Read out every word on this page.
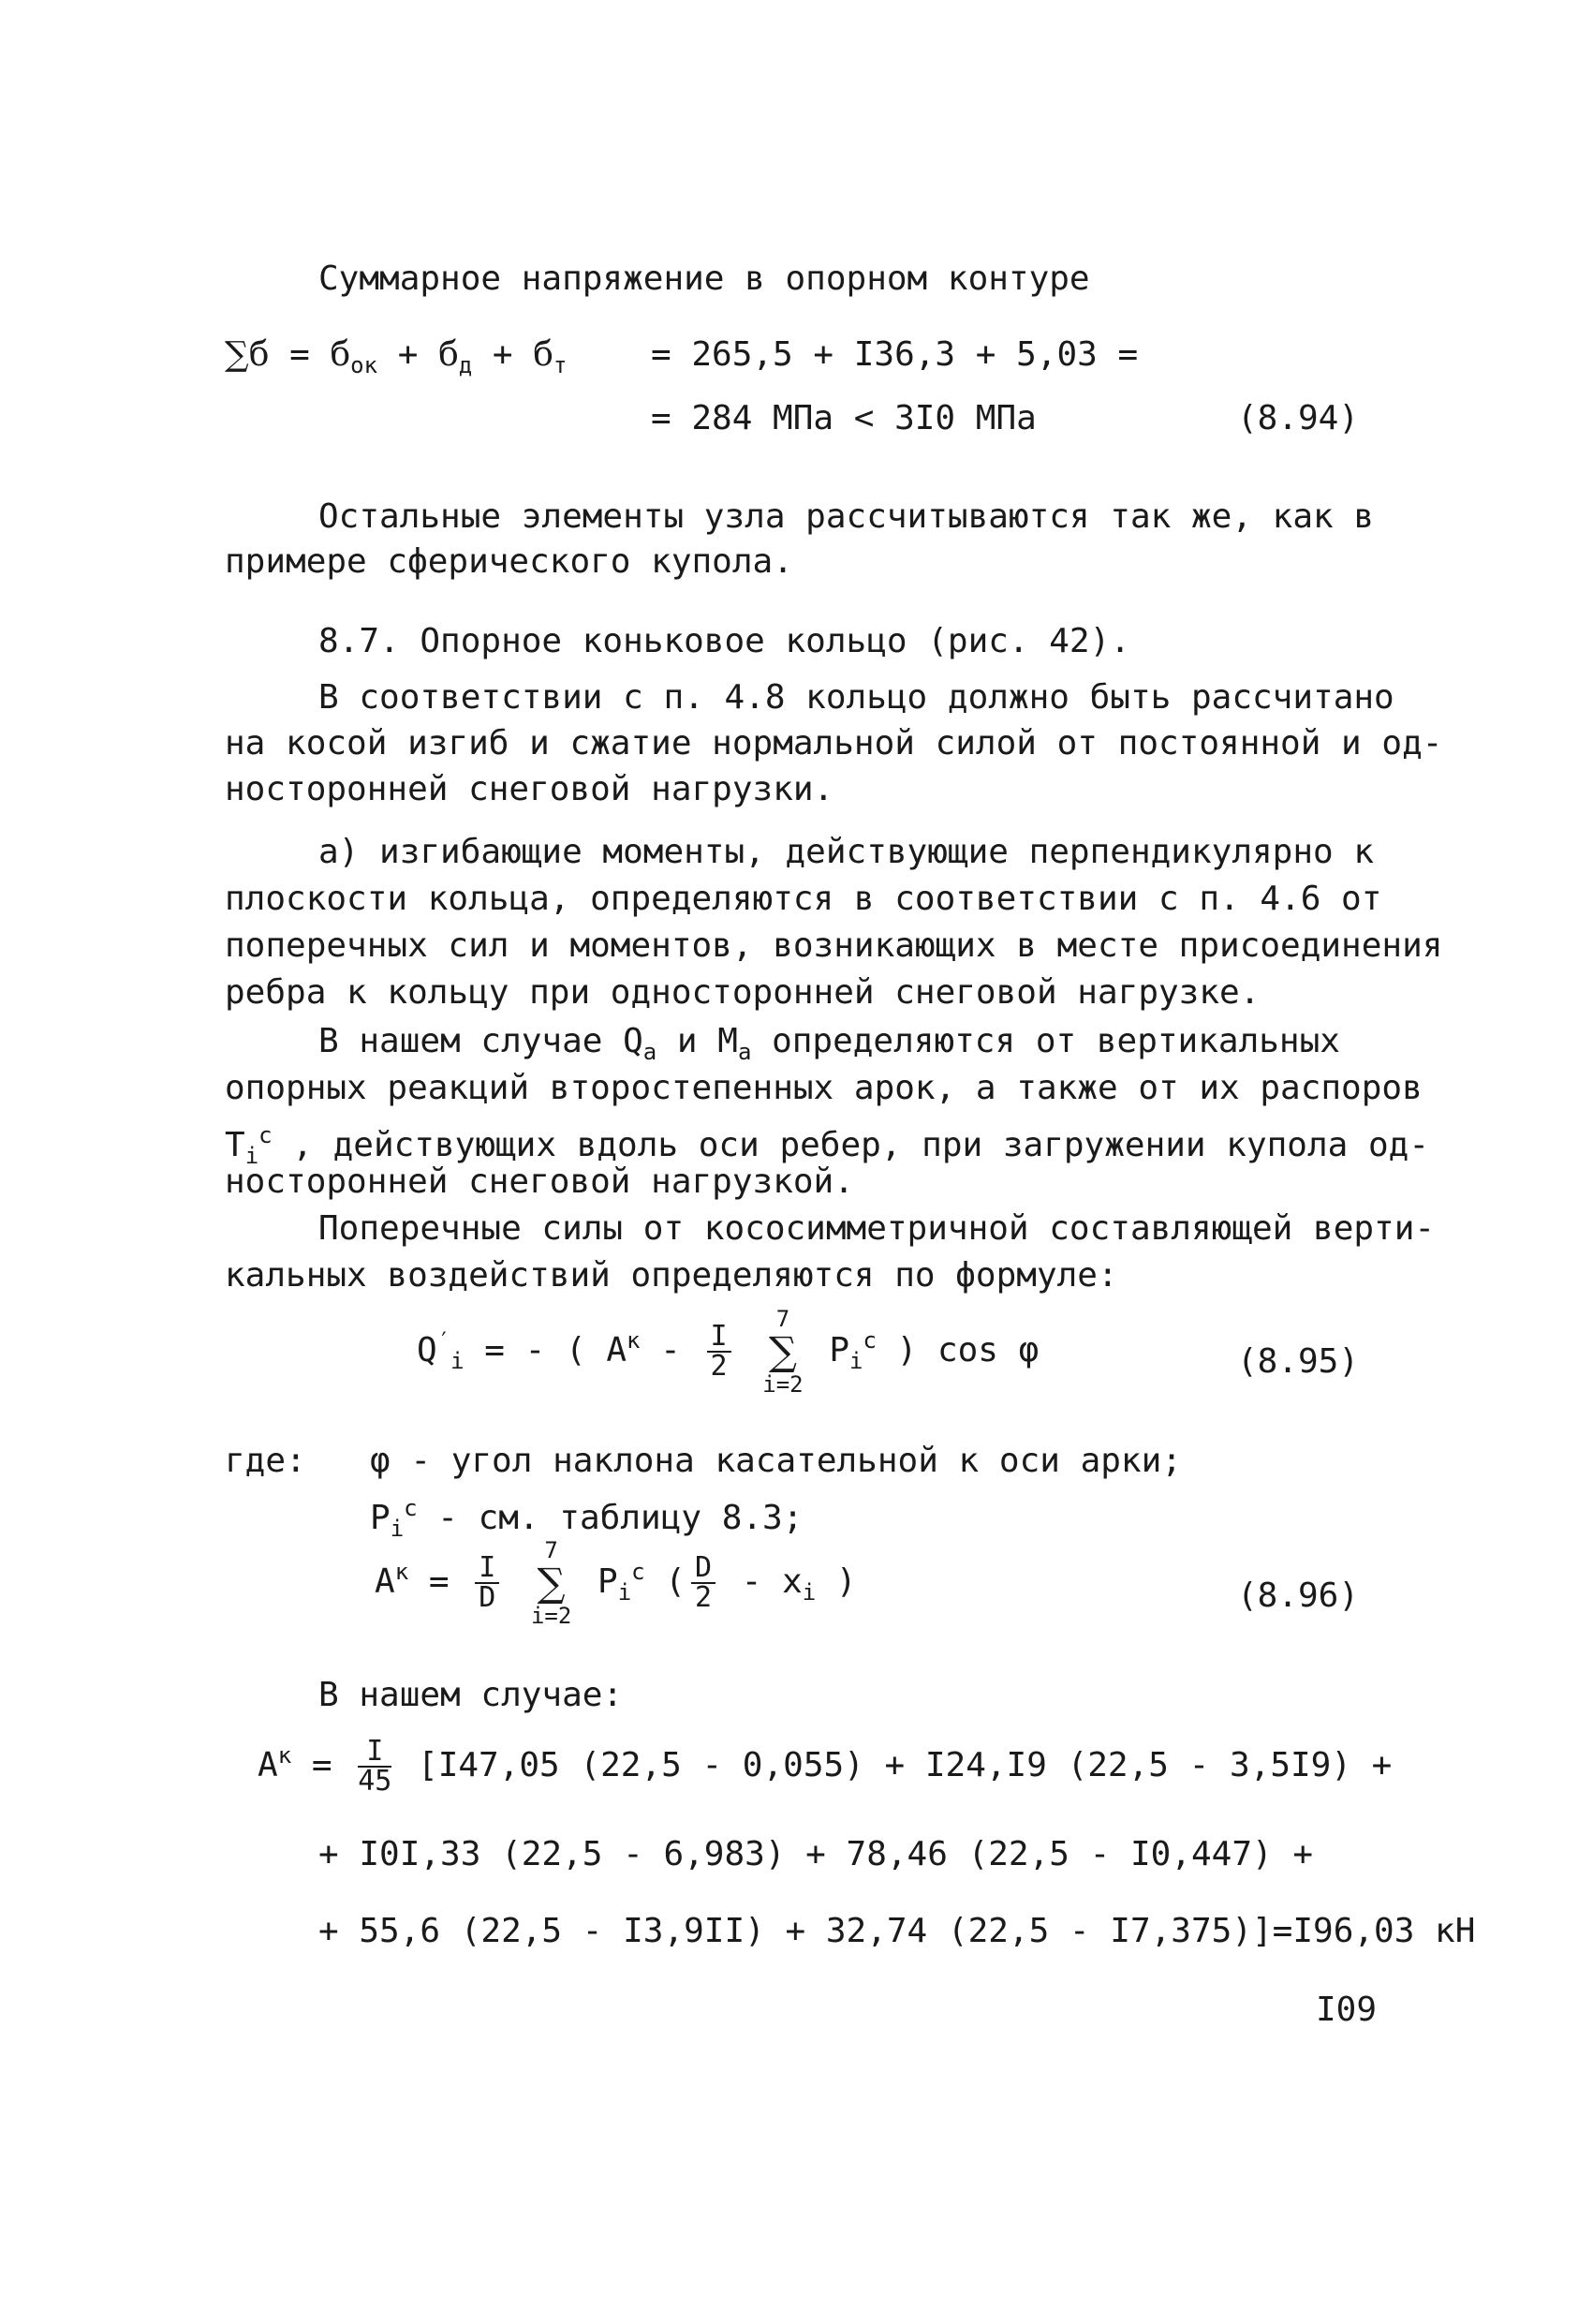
Суммарное напряжение в опорном контуре
$\sum б = б_{ок} + б_д + б_т = 265,5 + I36,3 + 5,03$ =
= 284 МПа < 3I0 МПа	(8.94)
Остальные элементы узла рассчитываются так же, как в
примере сферического купола.
8.7. Опорное коньковое кольцо (рис. 42).
В соответствии с п. 4.8 кольцо должно быть рассчитано
на косой изгиб и сжатие нормальной силой от постоянной и од-
носторонней снеговой нагрузки.
а) изгибающие моменты, действующие перпендикулярно к
плоскости кольца, определяются в соответствии с п. 4.6 от
поперечных сил и моментов, возникающих в месте присоединения
ребра к кольцу при односторонней снеговой нагрузке.
В нашем случае $Q_а$ и $M_а$ определяются от вертикальных
опорных реакций второстепенных арок, а также от их распоров
$T_i^c$ , действующих вдоль оси ребер, при загружении купола од-
носторонней снеговой нагрузкой.
Поперечные силы от кососимметричной составляющей верти-
кальных воздействий определяются по формуле:
$Q'_i$ = - ( $A^к - \frac{I}{2}$

7
∑
i=2
$P_i^c$ ) cos φ	(8.95)
где: φ - угол наклона касательной к оси арки;
$P_i^c$ - см. таблицу 8.3;
$A^к = \frac{I}{D}$

7
∑
i=2
$P_i^c$ ( $\frac{D}{2} - x_i$ )	(8.96)
В нашем случае:
$A^к = \frac{I}{45} [I47,05$ (22,5 - 0,055) + I24,I9 (22,5 - 3,5I9) +
+ I0I,33 (22,5 - 6,983) + 78,46 (22,5 - I0,447) +
+ 55,6 (22,5 - I3,9II) + 32,74 (22,5 - I7,375)]=I96,03 кН
I09
